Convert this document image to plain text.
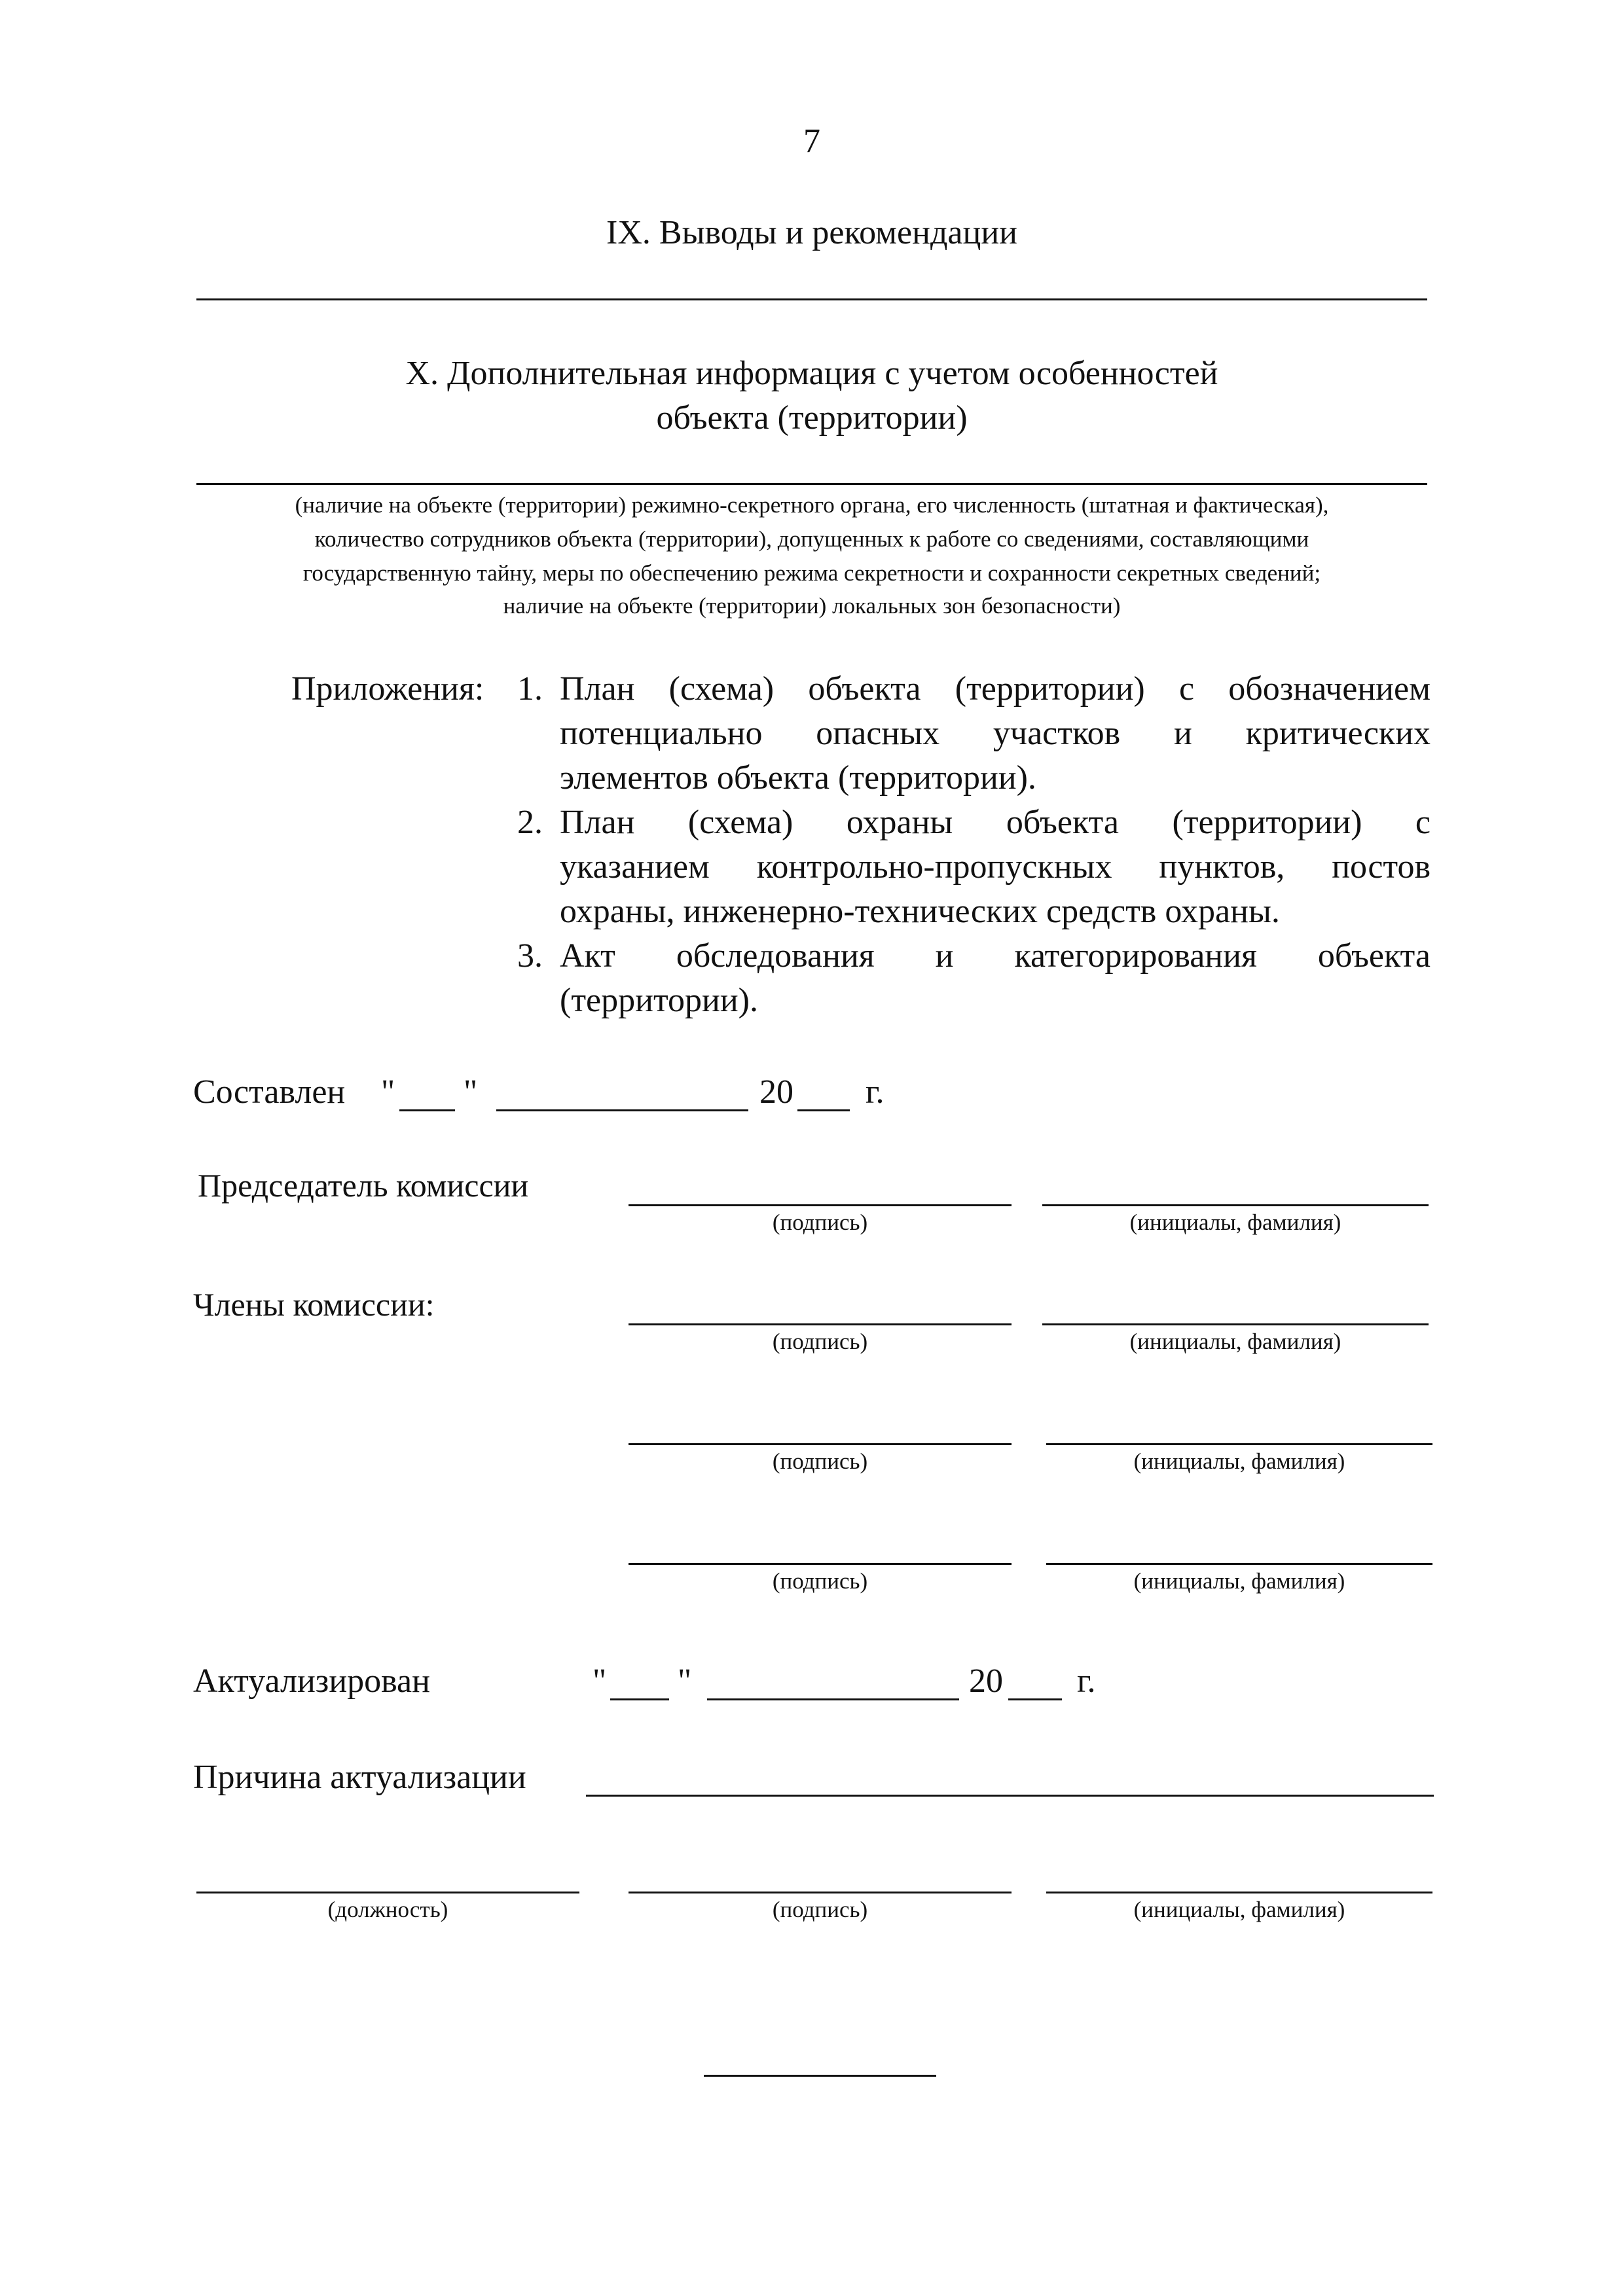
7
IX. Выводы и рекомендации
X. Дополнительная информация с учетом особенностей
объекта (территории)
(наличие на объекте (территории) режимно-секретного органа, его численность (штатная и фактическая),
количество сотрудников объекта (территории), допущенных к работе со сведениями, составляющими
государственную тайну, меры по обеспечению режима секретности и сохранности секретных сведений;
наличие на объекте (территории) локальных зон безопасности)
Приложения: 1. План (схема) объекта (территории) с обозначением
потенциально опасных участков и критических
элементов объекта (территории).
2. План (схема) охраны объекта (территории) с
указанием контрольно-пропускных пунктов, постов
охраны, инженерно-технических средств охраны.
3. Акт обследования и категорирования объекта
(территории).
Составлен " "	20 г.
Председатель комиссии
(подпись)	(инициалы, фамилия)
Члены комиссии:
(подпись)	(инициалы, фамилия)
(подпись)	(инициалы, фамилия)
(подпись)	(инициалы, фамилия)
Актуализирован	" "	20 г.
Причина актуализации
(должность)	(подпись)	(инициалы, фамилия)
